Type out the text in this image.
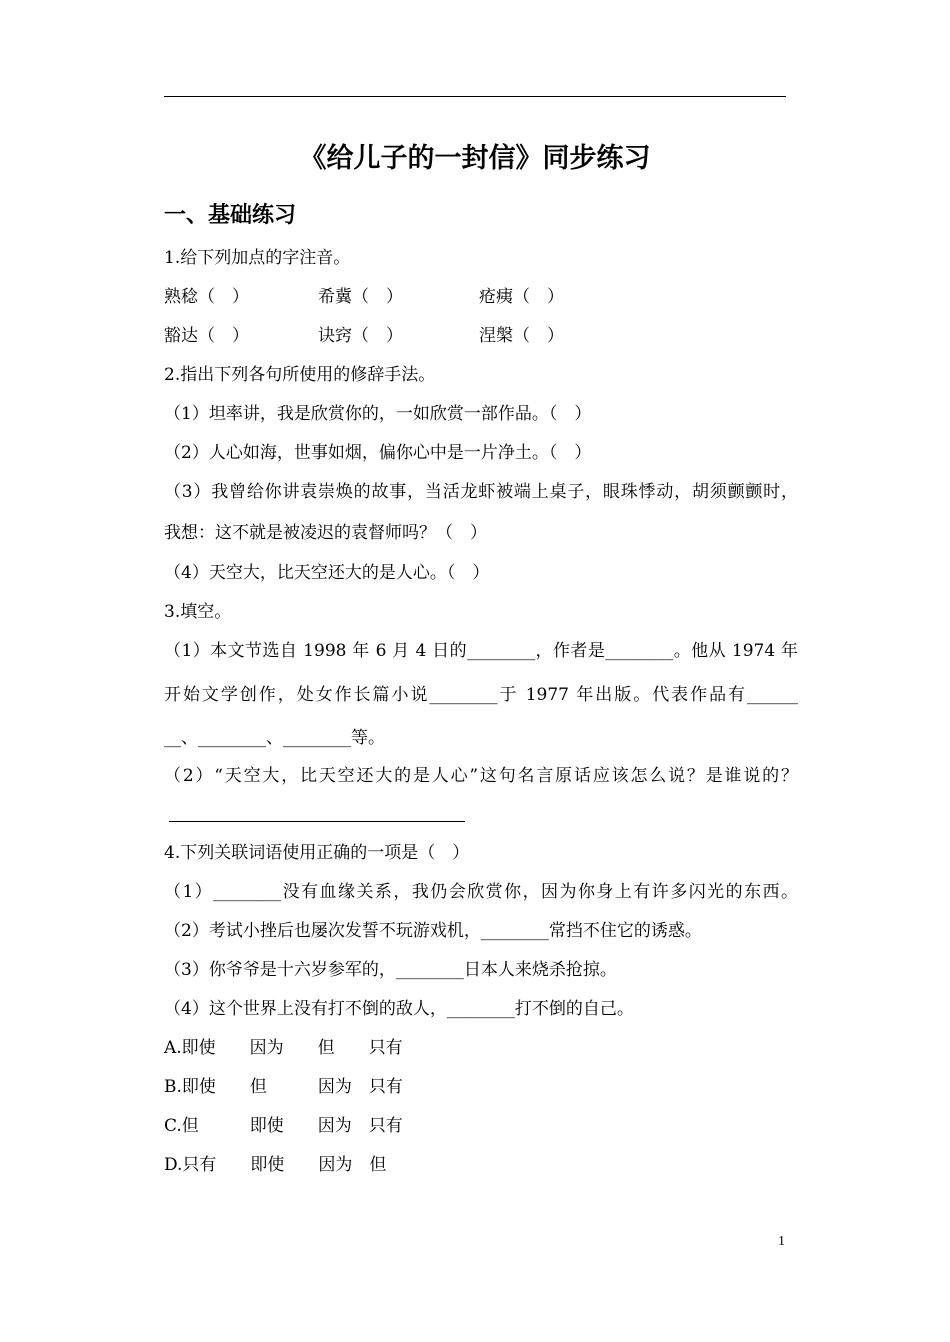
《给儿子的一封信》同步练习
一、基础练习
1.给下列加点的字注音。
熟稔（　）	希冀（　）	疮痍（　）
豁达（　）	诀窍（　）	涅槃（　）
2.指出下列各句所使用的修辞手法。
（1）坦率讲，我是欣赏你的，一如欣赏一部作品。（　）
（2）人心如海，世事如烟，偏你心中是一片净土。（　）
（3）我曾给你讲袁崇焕的故事，当活龙虾被端上桌子，眼珠悸动，胡须颤颤时，
我想：这不就是被凌迟的袁督师吗？（　）
（4）天空大，比天空还大的是人心。（　）
3.填空。
（1）本文节选自 1998 年 6 月 4 日的________，作者是________。他从 1974 年
开始文学创作，处女作长篇小说________于 1977 年出版。代表作品有______
__、________、________等。
（2）“天空大，比天空还大的是人心”这句名言原话应该怎么说？是谁说的？
4.下列关联词语使用正确的一项是（　）
（1）________没有血缘关系，我仍会欣赏你，因为你身上有许多闪光的东西。
（2）考试小挫后也屡次发誓不玩游戏机，________常挡不住它的诱惑。
（3）你爷爷是十六岁参军的，________日本人来烧杀抢掠。
（4）这个世界上没有打不倒的敌人，________打不倒的自己。
A.即使　　因为　　但　　只有
B.即使　　但　　　因为　只有
C.但　　　即使　　因为　只有
D.只有　　即使　　因为　但
1
